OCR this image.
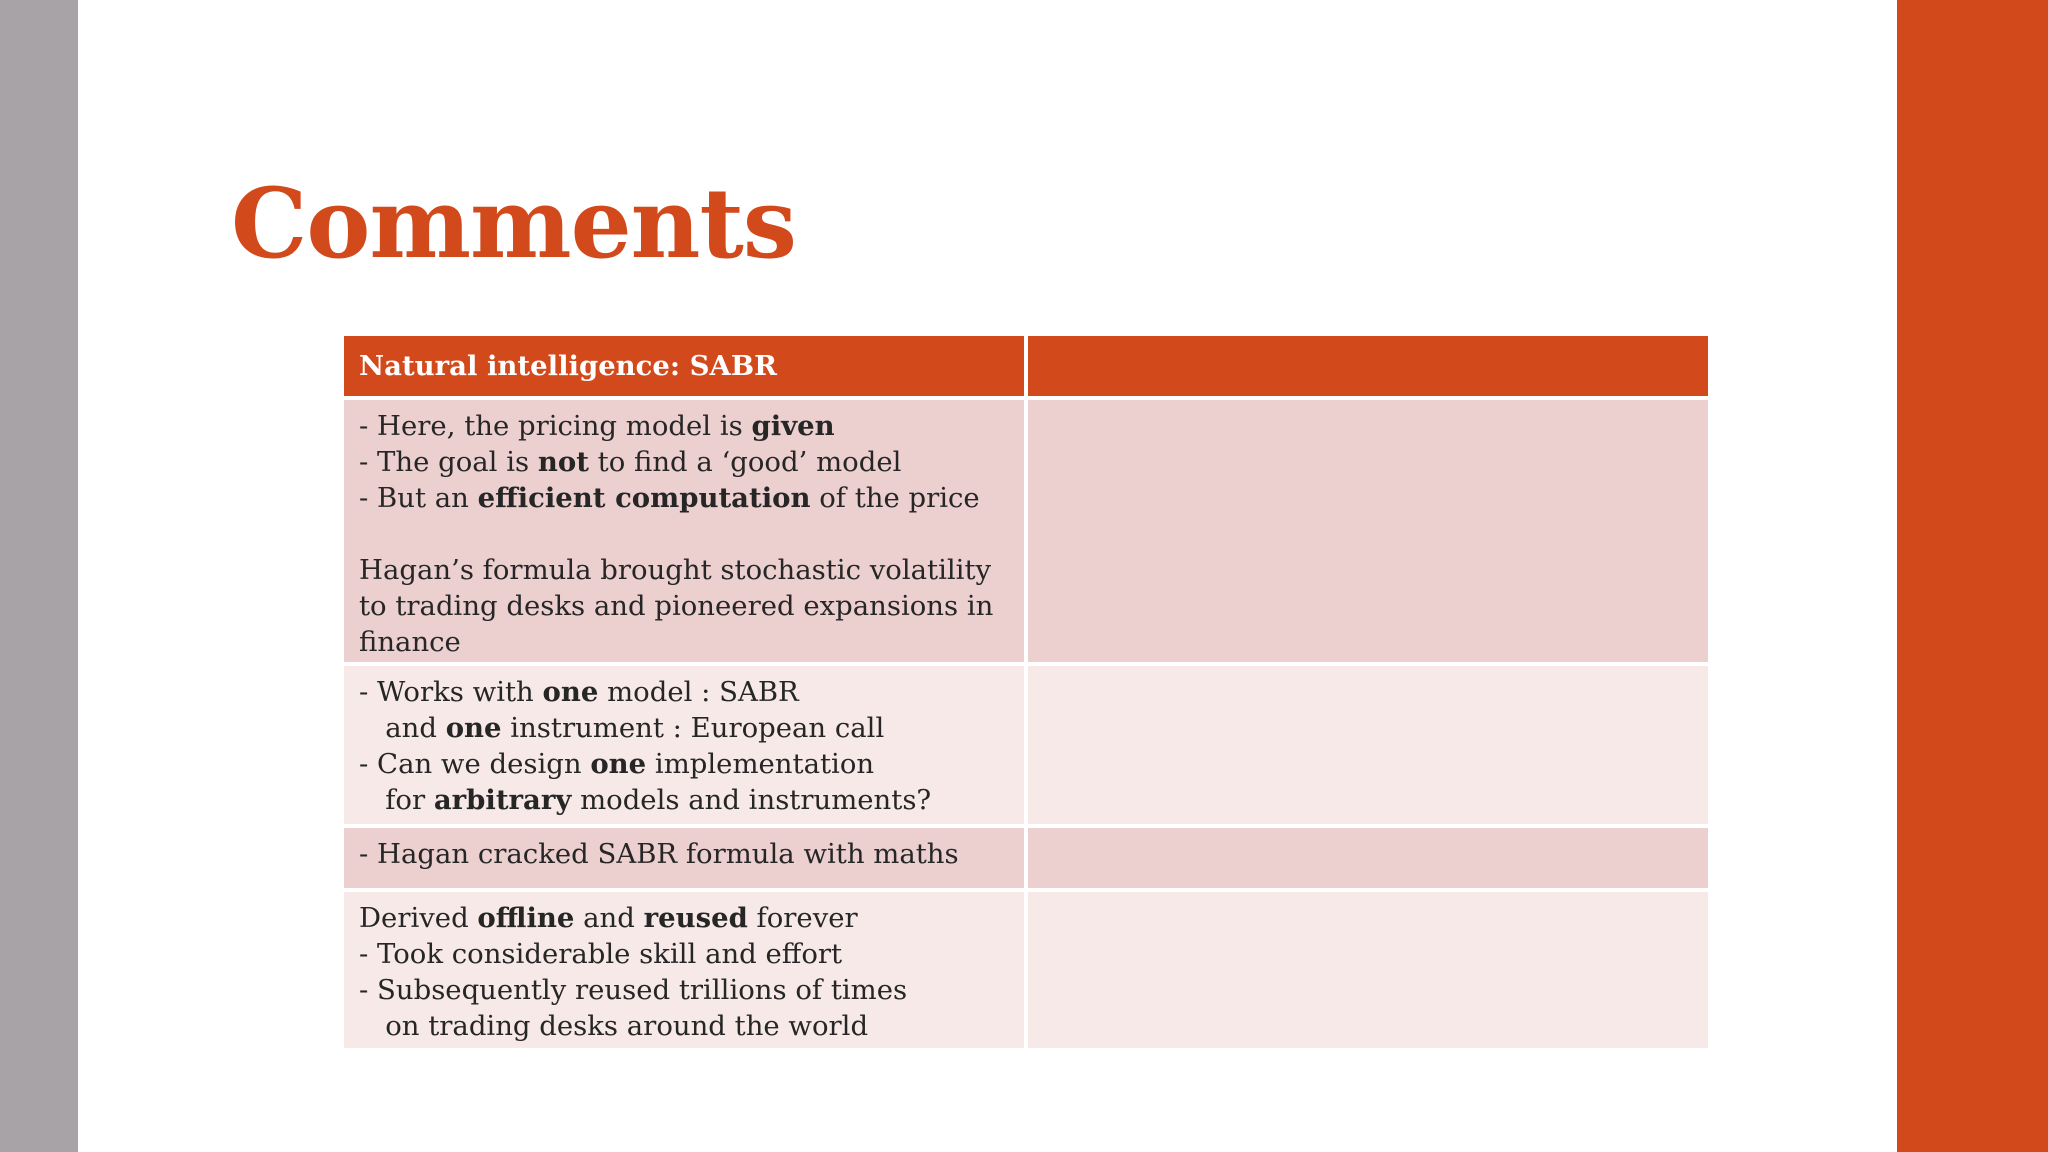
Comments
Natural intelligence: SABR
- Here, the pricing model is given
- The goal is not to find a ‘good’ model
- But an efficient computation of the price
Hagan’s formula brought stochastic volatility
to trading desks and pioneered expansions in
finance
- Works with one model : SABR
and one instrument : European call
- Can we design one implementation
for arbitrary models and instruments?
- Hagan cracked SABR formula with maths
Derived offline and reused forever
- Took considerable skill and effort
- Subsequently reused trillions of times
on trading desks around the world
